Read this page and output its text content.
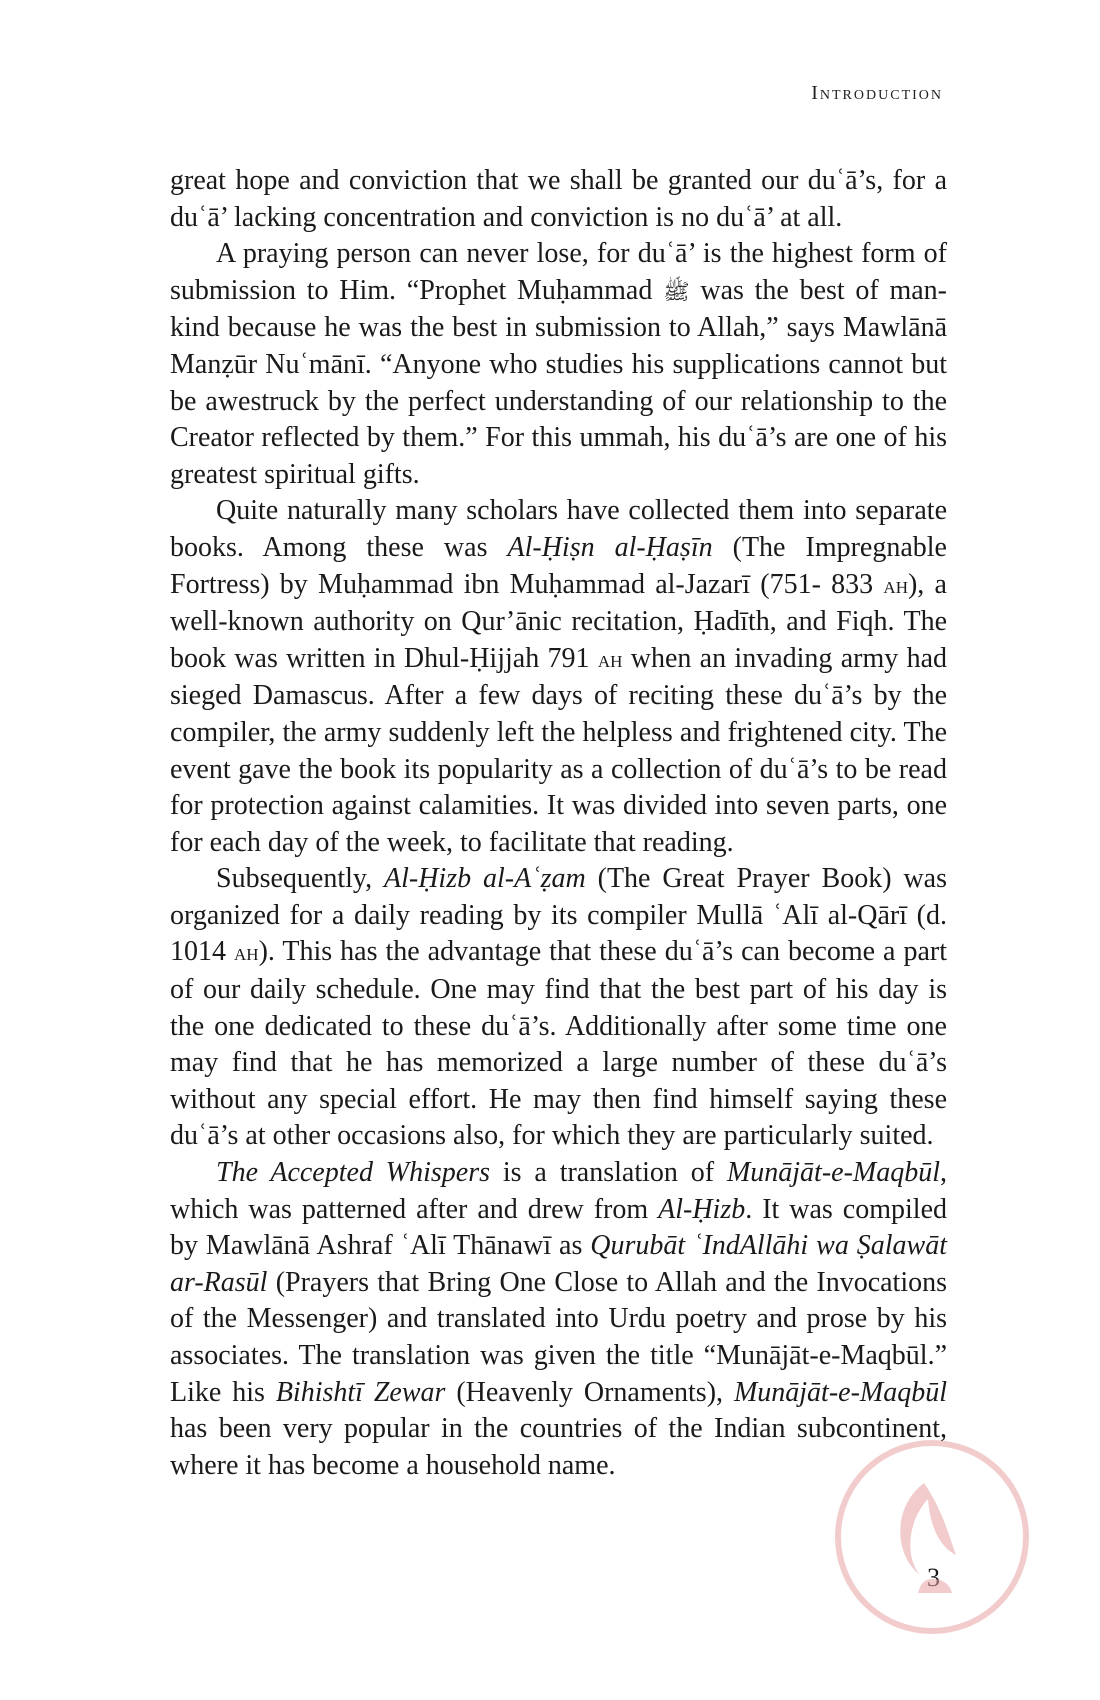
Introduction

great hope and conviction that we shall be granted our duʿā’s, for a duʿā’ lacking concentration and conviction is no duʿā’ at all.

A praying person can never lose, for duʿā’ is the highest form of submission to Him. “Prophet Muḥammad ﷺ was the best of mankind because he was the best in submission to Allah,” says Mawlānā Manẓūr Nuʿmānī. “Anyone who studies his supplications cannot but be awestruck by the perfect understanding of our relationship to the Creator reflected by them.” For this ummah, his duʿā’s are one of his greatest spiritual gifts.

Quite naturally many scholars have collected them into separate books. Among these was Al-Ḥiṣn al-Ḥaṣīn (The Impregnable Fortress) by Muḥammad ibn Muḥammad al-Jazarī (751- 833 ah), a well-known authority on Qur’ānic recitation, Ḥadīth, and Fiqh. The book was written in Dhul-Ḥijjah 791 ah when an invading army had sieged Damascus. After a few days of reciting these duʿā’s by the compiler, the army suddenly left the helpless and frightened city. The event gave the book its popularity as a collection of duʿā’s to be read for protection against calamities. It was divided into seven parts, one for each day of the week, to facilitate that reading.

Subsequently, Al-Ḥizb al-Aʿẓam (The Great Prayer Book) was organized for a daily reading by its compiler Mullā ʿAlī al-Qārī (d. 1014 ah). This has the advantage that these duʿā’s can become a part of our daily schedule. One may find that the best part of his day is the one dedicated to these duʿā’s. Additionally after some time one may find that he has memorized a large number of these duʿā’s without any special effort. He may then find himself saying these duʿā’s at other occasions also, for which they are particularly suited.

The Accepted Whispers is a translation of Munājāt-e-Maqbūl, which was patterned after and drew from Al-Ḥizb. It was compiled by Mawlānā Ashraf ʿAlī Thānawī as Qurubāt ʿIndAllāhi wa Ṣalawāt ar-Rasūl (Prayers that Bring One Close to Allah and the Invocations of the Messenger) and translated into Urdu poetry and prose by his associates. The translation was given the title “Munājāt-e-Maqbūl.” Like his Bihishtī Zewar (Heavenly Ornaments), Munājāt-e-Maqbūl has been very popular in the countries of the Indian subcontinent, where it has become a household name.

3
